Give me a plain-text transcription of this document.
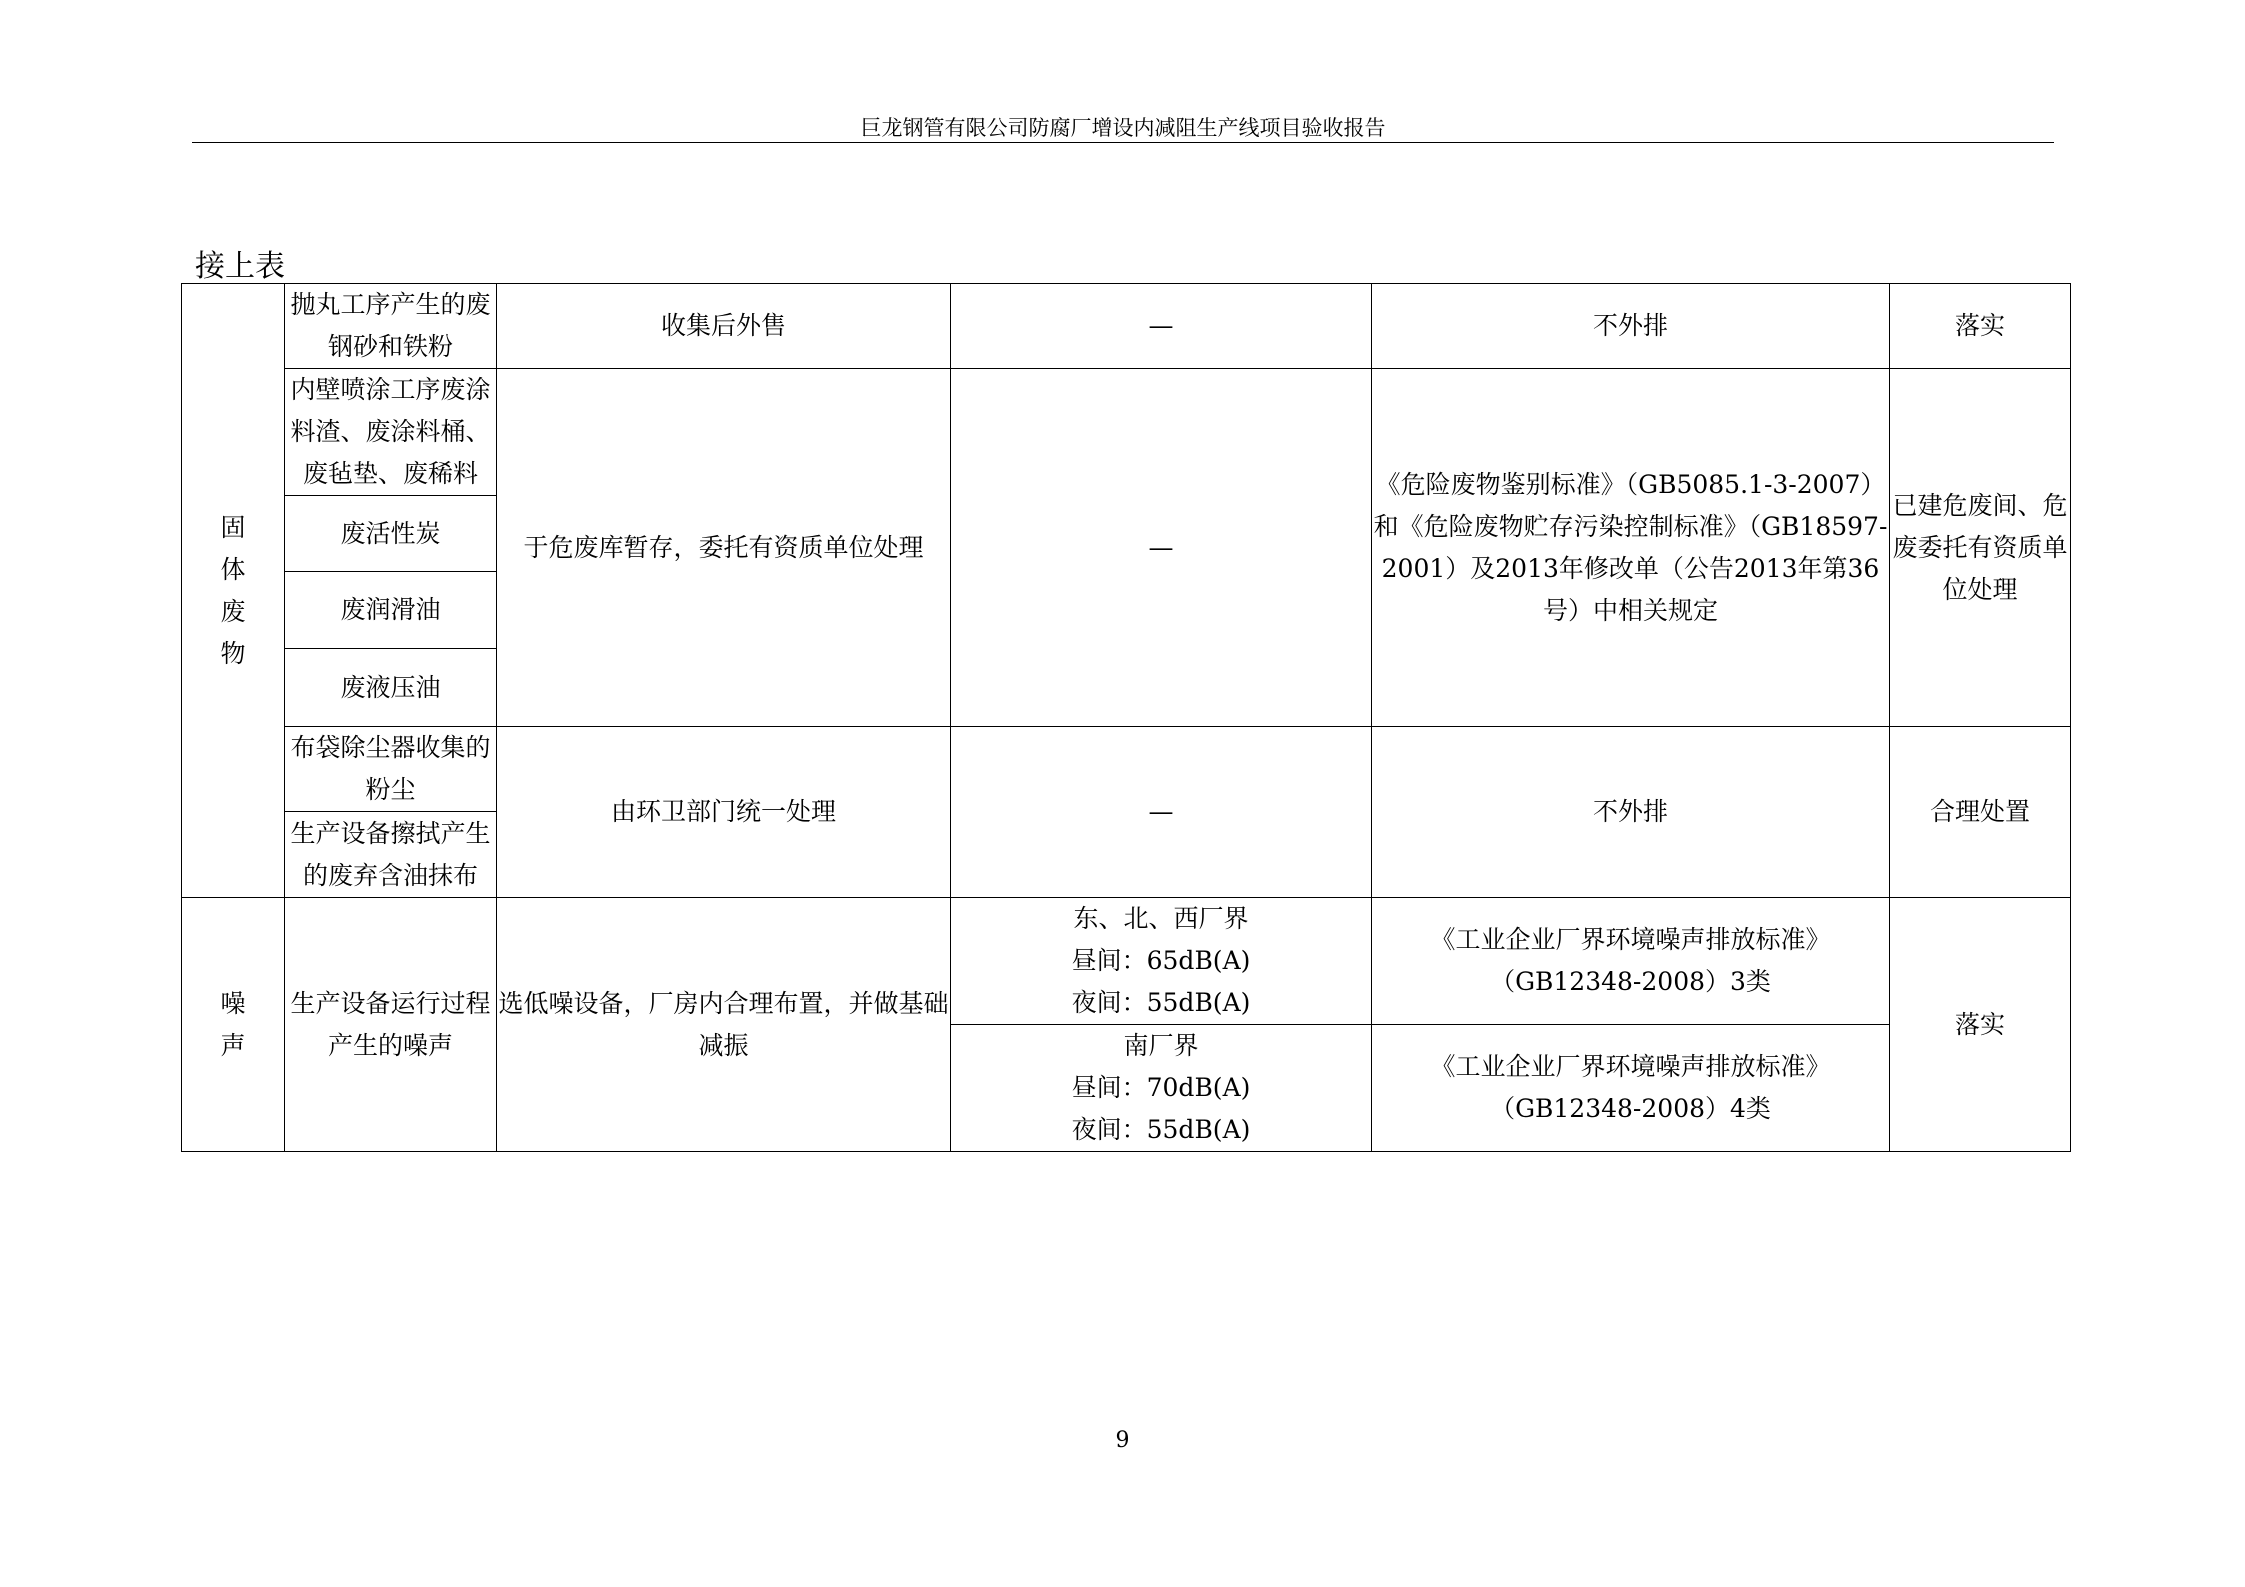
巨龙钢管有限公司防腐厂增设内减阻生产线项目验收报告
接上表
固体废物	抛丸工序产生的废钢砂和铁粉	收集后外售	—	不外排	落实
	内壁喷涂工序废涂料渣、废涂料桶、废毡垫、废稀料	于危废库暂存，委托有资质单位处理	—	《危险废物鉴别标准》（GB5085.1-3-2007）和《危险废物贮存污染控制标准》（GB18597-2001）及2013年修改单（公告2013年第36号）中相关规定	已建危废间、危废委托有资质单位处理
	废活性炭				
	废润滑油				
	废液压油				
	布袋除尘器收集的粉尘	由环卫部门统一处理	—	不外排	合理处置
	生产设备擦拭产生的废弃含油抹布				

噪声	生产设备运行过程产生的噪声	选低噪设备，厂房内合理布置，并做基础减振	东、北、西厂界
昼间：65dB(A)
夜间：55dB(A)	《工业企业厂界环境噪声排放标准》（GB12348-2008）3类	落实

			南厂界
昼间：70dB(A)
夜间：55dB(A)	《工业企业厂界环境噪声排放标准》（GB12348-2008）4类	
9
